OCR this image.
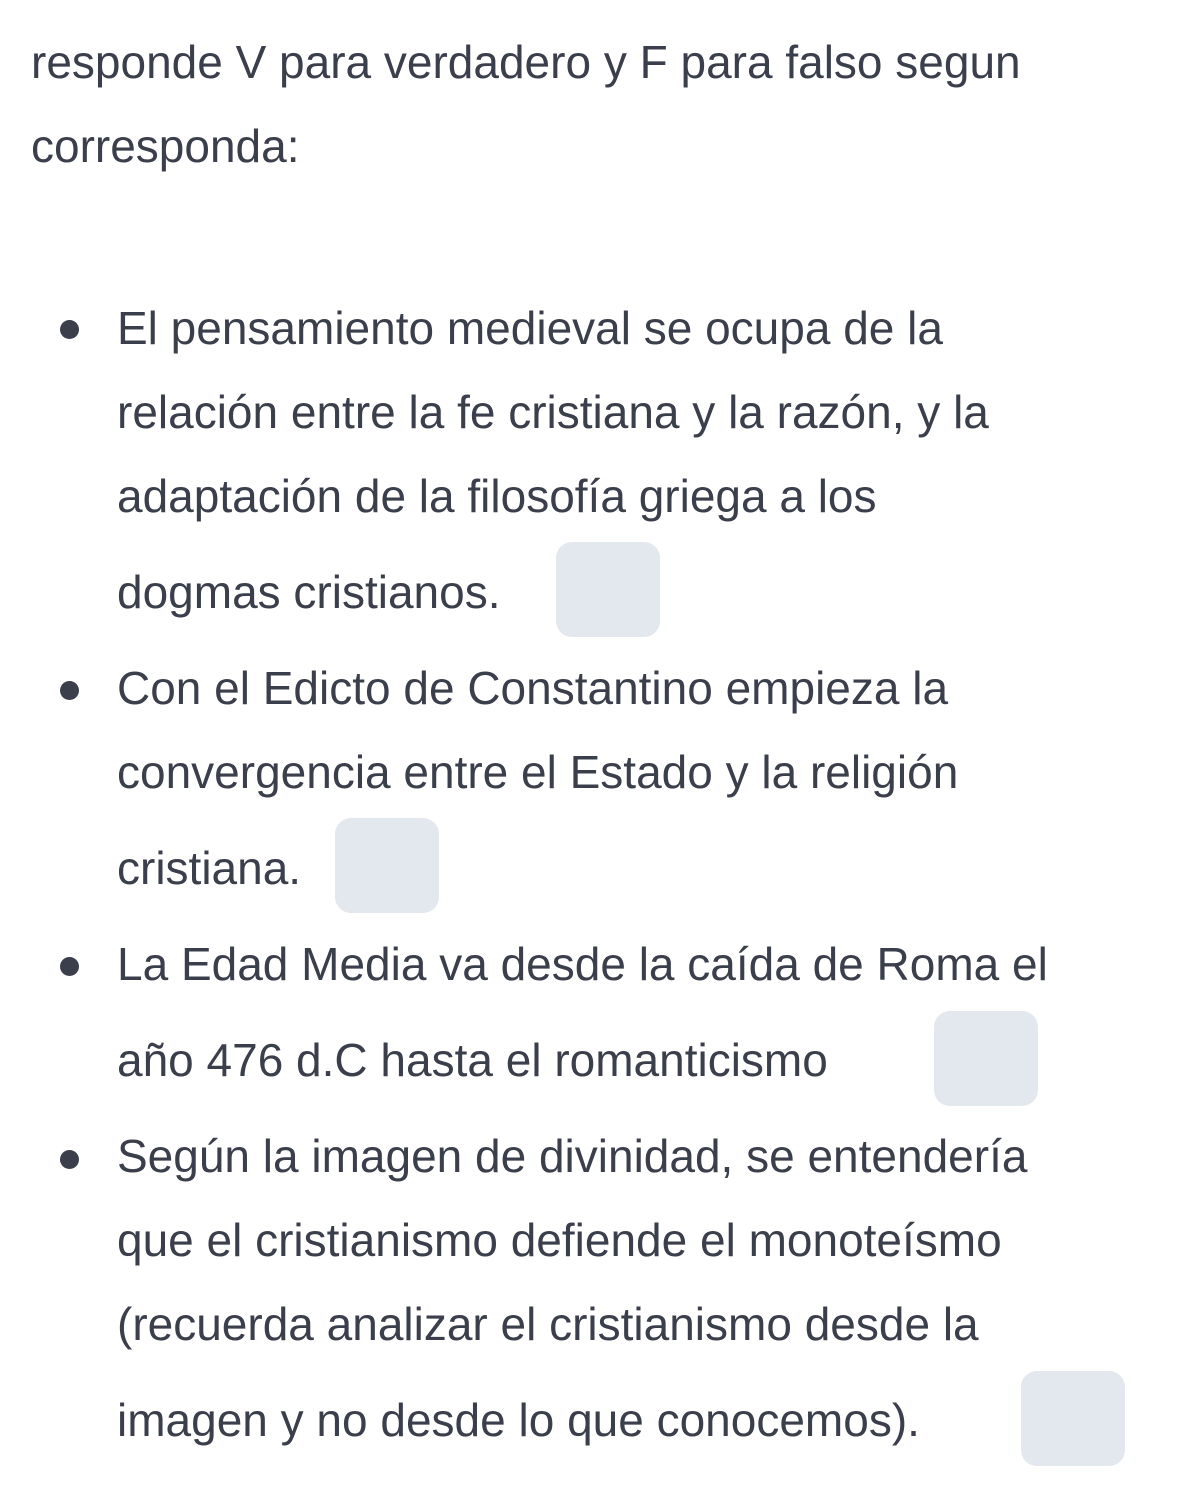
responde V para verdadero y F para falso segun
corresponda:

El pensamiento medieval se ocupa de la
relación entre la fe cristiana y la razón, y la
adaptación de la filosofía griega a los
dogmas cristianos.
Con el Edicto de Constantino empieza la
convergencia entre el Estado y la religión
cristiana.
La Edad Media va desde la caída de Roma el
año 476 d.C hasta el romanticismo
Según la imagen de divinidad, se entendería
que el cristianismo defiende el monoteísmo
(recuerda analizar el cristianismo desde la
imagen y no desde lo que conocemos).
